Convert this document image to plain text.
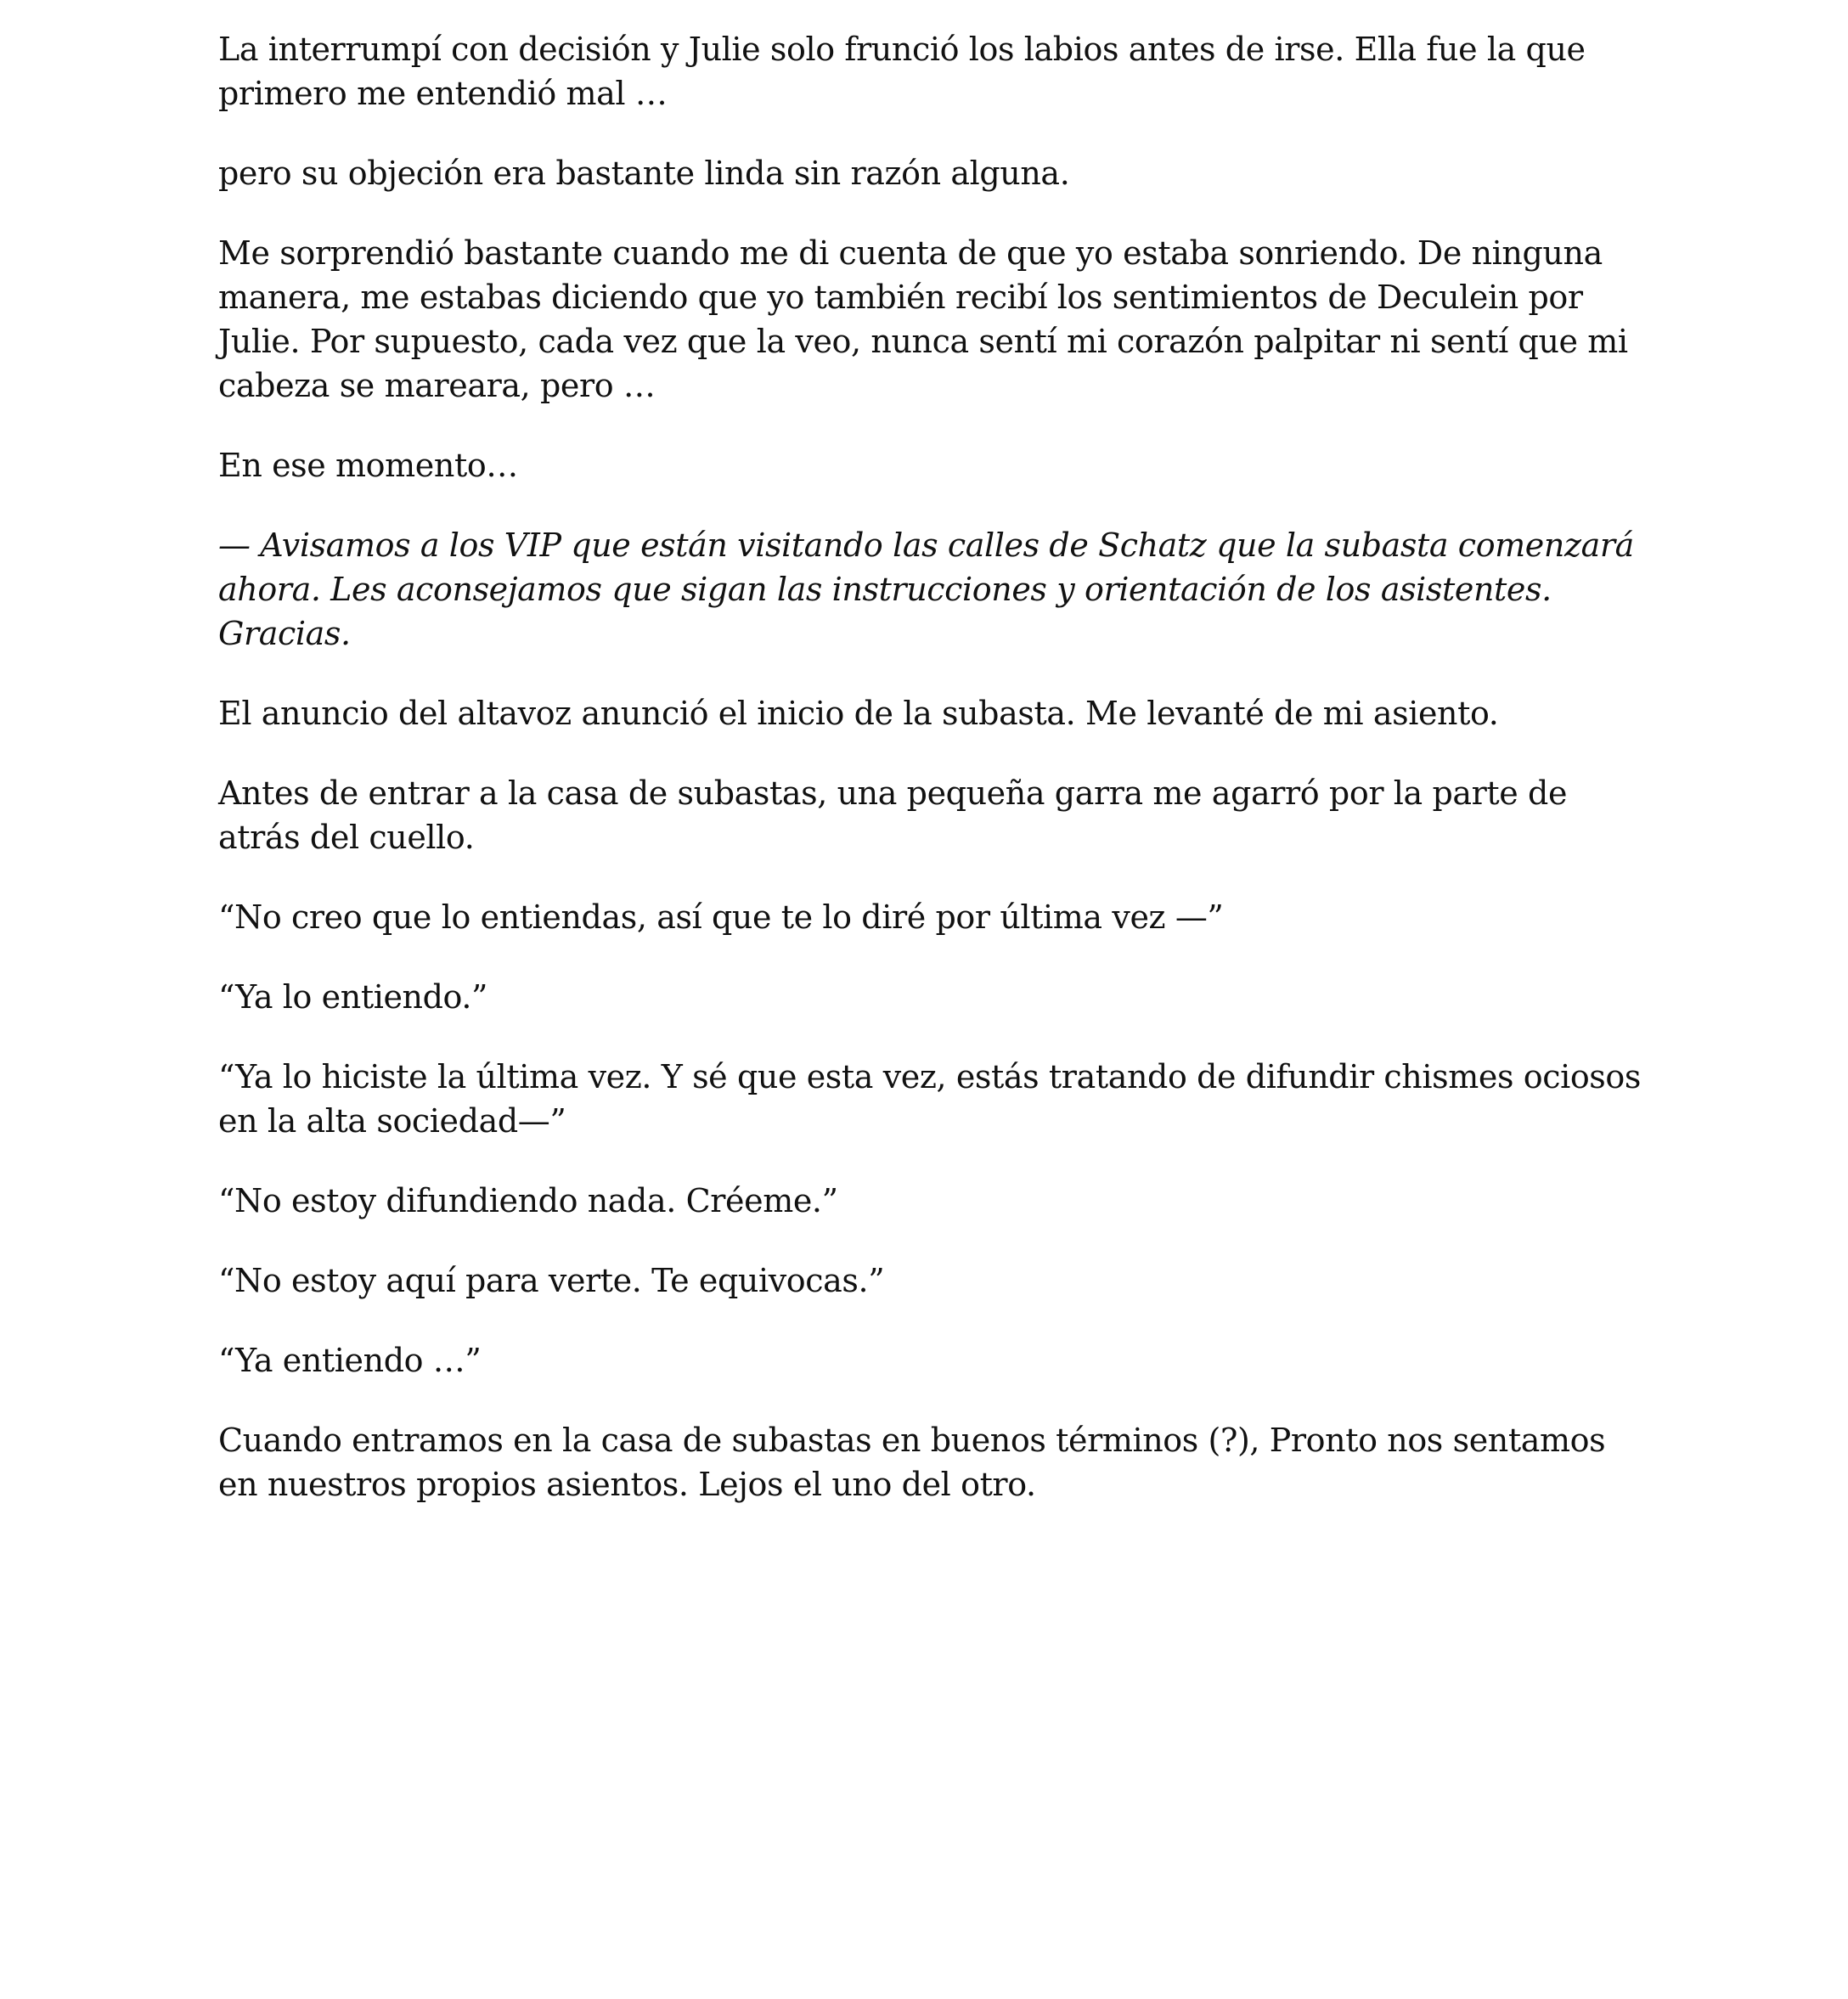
La interrumpí con decisión y Julie solo frunció los labios antes de irse. Ella fue la que primero me entendió mal …

pero su objeción era bastante linda sin razón alguna.

Me sorprendió bastante cuando me di cuenta de que yo estaba sonriendo. De ninguna manera, me estabas diciendo que yo también recibí los sentimientos de Deculein por Julie. Por supuesto, cada vez que la veo, nunca sentí mi corazón palpitar ni sentí que mi cabeza se mareara, pero …

En ese momento…

— Avisamos a los VIP que están visitando las calles de Schatz que la subasta comenzará ahora. Les aconsejamos que sigan las instrucciones y orientación de los asistentes. Gracias.

El anuncio del altavoz anunció el inicio de la subasta. Me levanté de mi asiento.

Antes de entrar a la casa de subastas, una pequeña garra me agarró por la parte de atrás del cuello.

“No creo que lo entiendas, así que te lo diré por última vez —”

“Ya lo entiendo.”

“Ya lo hiciste la última vez. Y sé que esta vez, estás tratando de difundir chismes ociosos en la alta sociedad—”

“No estoy difundiendo nada. Créeme.”

“No estoy aquí para verte. Te equivocas.”

“Ya entiendo …”

Cuando entramos en la casa de subastas en buenos términos (?), Pronto nos sentamos en nuestros propios asientos. Lejos el uno del otro.
